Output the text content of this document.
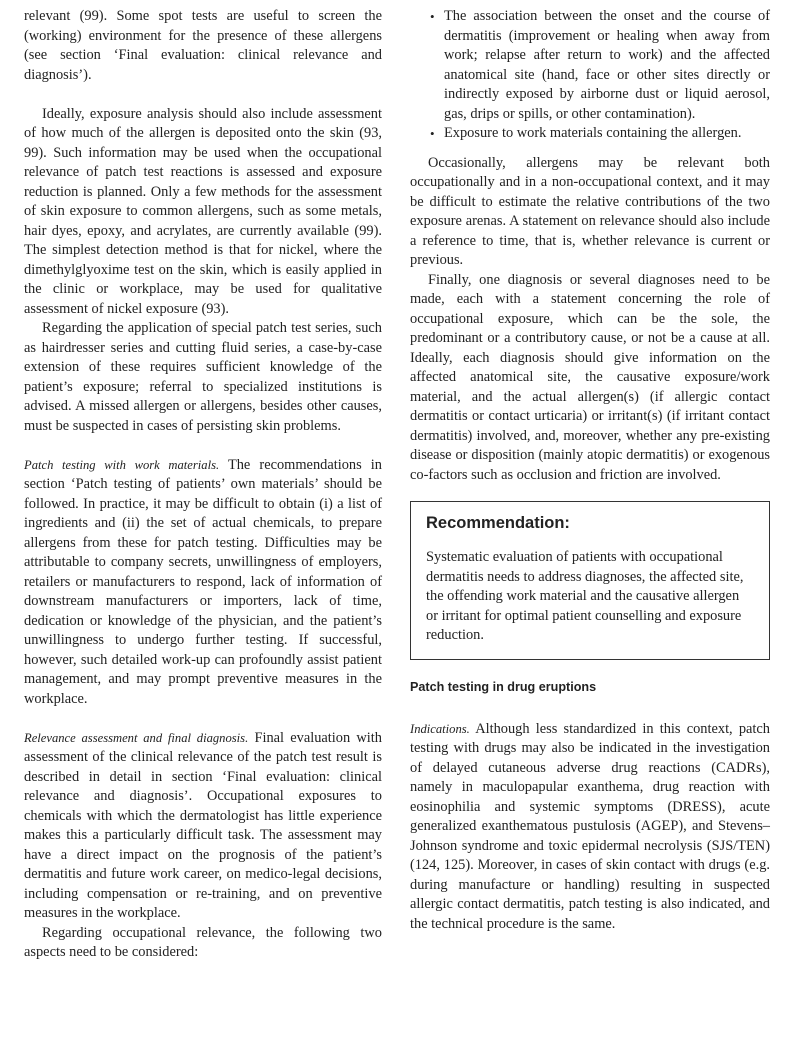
relevant (99). Some spot tests are useful to screen the (working) environment for the presence of these allergens (see section ‘Final evaluation: clinical relevance and diagnosis’).

Ideally, exposure analysis should also include assessment of how much of the allergen is deposited onto the skin (93, 99). Such information may be used when the occupational relevance of patch test reactions is assessed and exposure reduction is planned. Only a few methods for the assessment of skin exposure to common allergens, such as some metals, hair dyes, epoxy, and acrylates, are currently available (99). The simplest detection method is that for nickel, where the dimethylglyoxime test on the skin, which is easily applied in the clinic or workplace, may be used for qualitative assessment of nickel exposure (93).

Regarding the application of special patch test series, such as hairdresser series and cutting fluid series, a case-by-case extension of these requires sufficient knowledge of the patient’s exposure; referral to specialized institutions is advised. A missed allergen or allergens, besides other causes, must be suspected in cases of persisting skin problems.

Patch testing with work materials. The recommendations in section ‘Patch testing of patients’ own materials’ should be followed. In practice, it may be difficult to obtain (i) a list of ingredients and (ii) the set of actual chemicals, to prepare allergens from these for patch testing. Difficulties may be attributable to company secrets, unwillingness of employers, retailers or manufacturers to respond, lack of information of downstream manufacturers or importers, lack of time, dedication or knowledge of the physician, and the patient’s unwillingness to undergo further testing. If successful, however, such detailed work-up can profoundly assist patient management, and may prompt preventive measures in the workplace.

Relevance assessment and final diagnosis. Final evaluation with assessment of the clinical relevance of the patch test result is described in detail in section ‘Final evaluation: clinical relevance and diagnosis’. Occupational exposures to chemicals with which the dermatologist has little experience makes this a particularly difficult task. The assessment may have a direct impact on the prognosis of the patient’s dermatitis and future work career, on medico-legal decisions, including compensation or re-training, and on preventive measures in the workplace.

Regarding occupational relevance, the following two aspects need to be considered:

• The association between the onset and the course of dermatitis (improvement or healing when away from work; relapse after return to work) and the affected anatomical site (hand, face or other sites directly or indirectly exposed by airborne dust or liquid aerosol, gas, drips or spills, or other contamination).
• Exposure to work materials containing the allergen.

Occasionally, allergens may be relevant both occupationally and in a non-occupational context, and it may be difficult to estimate the relative contributions of the two exposure arenas. A statement on relevance should also include a reference to time, that is, whether relevance is current or previous.

Finally, one diagnosis or several diagnoses need to be made, each with a statement concerning the role of occupational exposure, which can be the sole, the predominant or a contributory cause, or not be a cause at all. Ideally, each diagnosis should give information on the affected anatomical site, the causative exposure/work material, and the actual allergen(s) (if allergic contact dermatitis or contact urticaria) or irritant(s) (if irritant contact dermatitis) involved, and, moreover, whether any pre-existing disease or disposition (mainly atopic dermatitis) or exogenous co-factors such as occlusion and friction are involved.

Recommendation:

Systematic evaluation of patients with occupational dermatitis needs to address diagnoses, the affected site, the offending work material and the causative allergen or irritant for optimal patient counselling and exposure reduction.

Patch testing in drug eruptions

Indications. Although less standardized in this context, patch testing with drugs may also be indicated in the investigation of delayed cutaneous adverse drug reactions (CADRs), namely in maculopapular exanthema, drug reaction with eosinophilia and systemic symptoms (DRESS), acute generalized exanthematous pustulosis (AGEP), and Stevens–Johnson syndrome and toxic epidermal necrolysis (SJS/TEN) (124, 125). Moreover, in cases of skin contact with drugs (e.g. during manufacture or handling) resulting in suspected allergic contact dermatitis, patch testing is also indicated, and the technical procedure is the same.
